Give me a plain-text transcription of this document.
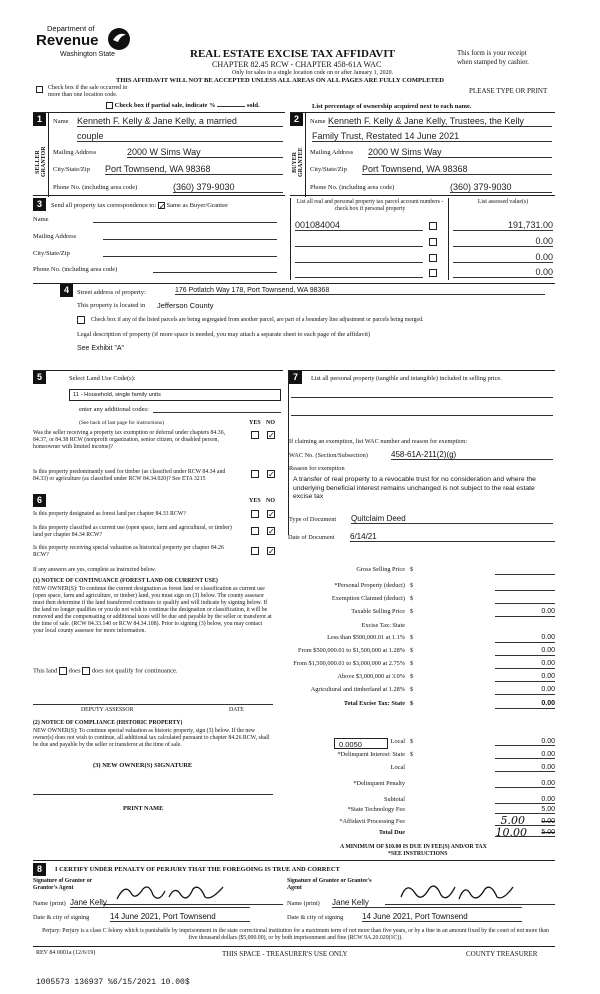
Department of
Revenue
Washington State	REAL ESTATE EXCISE TAX AFFIDAVIT
CHAPTER 82.45 RCW - CHAPTER 458-61A WAC
Only for sales in a single location code on or after January 1, 2020.
THIS AFFIDAVIT WILL NOT BE ACCEPTED UNLESS ALL AREAS ON ALL PAGES ARE FULLY COMPLETED
This form is your receipt
when stamped by cashier.
PLEASE TYPE OR PRINT
Check box if the sale occurred in more than one location code.
Check box if partial sale, indicate %	sold.	List percentage of ownership acquired next to each name.
1
SELLER GRANTOR
Name Kenneth F. Kelly & Jane Kelly, a married
couple
Mailing Address	2000 W Sims Way
City/State/Zip Port Townsend, WA 98368
Phone No. (including area code)	(360) 379-9030
2
BUYER GRANTEE
Name Kenneth F. Kelly & Jane Kelly, Trustees, the Kelly
Family Trust, Restated 14 June 2021
Mailing Address 2000 W Sims Way
City/State/Zip Port Townsend, WA 98368
Phone No. (including area code)	(360) 379-9030
3	Send all property tax correspondence to: ✓ Same as Buyer/Grantee
Name
Mailing Address
City/State/Zip
Phone No. (including area code)
List all real and personal property tax parcel account numbers - check box if personal property
List assessed value(s)
001084004	191,731.00
0.00
0.00
0.00
4	Street address of property:	176 Potlatch Way 178, Port Townsend, WA 98368
This property is located in Jefferson County
Check box if any of the listed parcels are being segregated from another parcel, are part of a boundary line adjustment or parcels being merged.
Legal description of property (if more space is needed, you may attach a separate sheet to each page of the affidavit)
See Exhibit "A"
5	Select Land Use Code(s):
11 - Household, single family units
enter any additional codes:
(See back of last page for instructions)	YES NO
Was the seller receiving a property tax exemption or deferral under chapters 84.36, 84.37, or 84.38 RCW (nonprofit organization, senior citizen, or disabled person, homeowner with limited income)?
✓
Is this property predominantly used for timber (as classified under RCW 84.34 and 84.33) or agriculture (as classified under RCW 84.34.020)? See ETA 3215
✓
6	YES NO
Is this property designated as forest land per chapter 84.33 RCW?
✓
Is this property classified as current use (open space, farm and agricultural, or timber) land per chapter 84.34 RCW?
✓
Is this property receiving special valuation as historical property per chapter 84.26 RCW?
✓
If any answers are yes, complete as instructed below.
(1) NOTICE OF CONTINUANCE (FOREST LAND OR CURRENT USE)
NEW OWNER(S): To continue the current designation as forest land or classification as current use (open space, farm and agriculture, or timber) land, you must sign on (3) below. The county assessor must then determine if the land transferred continues to qualify and will indicate by signing below. If the land no longer qualifies or you do not wish to continue the designation or classification, it will be removed and the compensating or additional taxes will be due and payable by the seller or transferor at the time of sale. (RCW 84.33.140 or RCW 84.34.108). Prior to signing (3) below, you may contact your local county assessor for more information.
This land does does not qualify for continuance.
DEPUTY ASSESSOR	DATE
(2) NOTICE OF COMPLIANCE (HISTORIC PROPERTY)
NEW OWNER(S): To continue special valuation as historic property, sign (3) below. If the new owner(s) does not wish to continue, all additional tax calculated pursuant to chapter 84.26 RCW, shall be due and payable by the seller or transferor at the time of sale.
(3) NEW OWNER(S) SIGNATURE
PRINT NAME
7	List all personal property (tangible and intangible) included in selling price.
If claiming an exemption, list WAC number and reason for exemption:
WAC No. (Section/Subsection)	458-61A-211(2)(g)
Reason for exemption
A transfer of real property to a revocable trust for no consideration and where the underlying beneficial interest remains unchanged is not subject to the real estate excise tax
Type of Document Quitclaim Deed
Date of Document 6/14/21
Gross Selling Price $
*Personal Property (deduct) $
Exemption Claimed (deduct) $
Taxable Selling Price $	0.00
Excise Tax: State
Less than $500,000.01 at 1.1% $	0.00
From $500,000.01 to $1,500,000 at 1.28% $	0.00
From $1,500,000.01 to $3,000,000 at 2.75% $	0.00
Above $3,000,000 at 3.0% $	0.00
Agricultural and timberland at 1.28% $	0.00
Total Excise Tax: State $	0.00
0.0050	Local $	0.00
*Delinquent Interest: State $	0.00
Local	0.00
*Delinquent Penalty	0.00
Subtotal	0.00
*State Technology Fee	5.00
*Affidavit Processing Fee	0.00
5.00
Total Due	5.00
10.00
A MINIMUM OF $10.00 IS DUE IN FEE(S) AND/OR TAX
*SEE INSTRUCTIONS
8	I CERTIFY UNDER PENALTY OF PERJURY THAT THE FOREGOING IS TRUE AND CORRECT
Signature of Grantor or Grantor's Agent
Signature of Grantee or Grantee's Agent
Name (print) Jane Kelly	Name (print) Jane Kelly
Date & city of signing	14 June 2021, Port Townsend	Date & city of signing 14 June 2021, Port Townsend
Perjury: Perjury is a class C felony which is punishable by imprisonment in the state correctional institution for a maximum term of not more than five years, or by a fine in an amount fixed by the court of not more than five thousand dollars ($5,000.00), or by both imprisonment and fine (RCW 9A.20.020(1C)).
REV 84 0001a (12/6/19)	THIS SPACE - TREASURER'S USE ONLY	COUNTY TREASURER
1005573 136937 %6/15/2021 10.00$
